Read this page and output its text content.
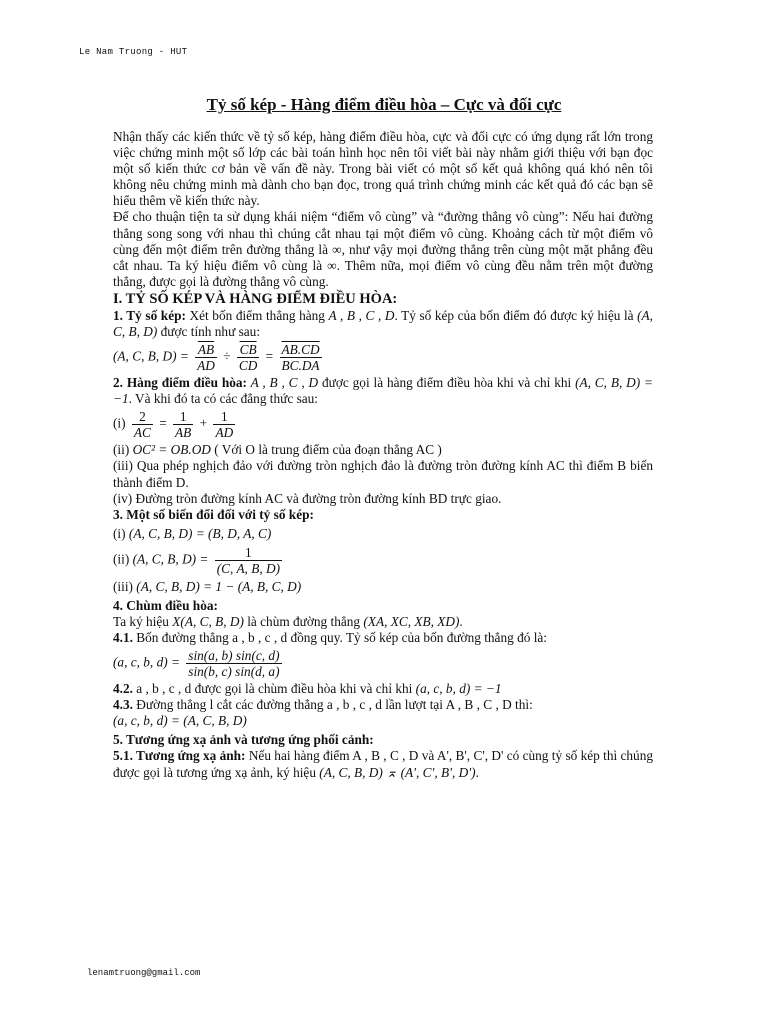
Le Nam Truong - HUT
Tỷ số kép - Hàng điểm điều hòa – Cực và đối cực

Nhận thấy các kiến thức về tỷ số kép, hàng điểm điều hòa, cực và đối cực có ứng dụng rất lớn trong việc chứng minh một số lớp các bài toán hình học nên tôi viết bài này nhằm giới thiệu với bạn đọc một số kiến thức cơ bản về vấn đề này. Trong bài viết có một số kết quả không quá khó nên tôi không nêu chứng minh mà dành cho bạn đọc, trong quá trình chứng minh các kết quả đó các bạn sẽ hiểu thêm về kiến thức này.

Để cho thuận tiện ta sử dụng khái niệm “điểm vô cùng” và “đường thẳng vô cùng”: Nếu hai đường thẳng song song với nhau thì chúng cắt nhau tại một điểm vô cùng. Khoảng cách từ một điểm vô cùng đến một điểm trên đường thẳng là ∞, như vậy mọi đường thẳng trên cùng một mặt phẳng đều cắt nhau. Ta ký hiệu điểm vô cùng là ∞. Thêm nữa, mọi điểm vô cùng đều nằm trên một đường thẳng, được gọi là đường thẳng vô cùng.

I. TỶ SỐ KÉP VÀ HÀNG ĐIỂM ĐIỀU HÒA:

1. Tỷ số kép: Xét bốn điểm thẳng hàng A , B , C , D. Tỷ số kép của bốn điểm đó được ký hiệu là (A, C, B, D) được tính như sau:

(A, C, B, $D) = \frac{\overline{AB}}{AD} \div \frac{\overline{CB}}{CD} = \frac{AB.CD}{BC.DA}$

2. Hàng điểm điều hòa: A , B , C , D được gọi là hàng điểm điều hòa khi và chỉ khi (A, C, B, D) = −1. Và khi đó ta có các đẳng thức sau:

$(i) \frac{2}{AC} = \frac{1}{AB} + \frac{1}{AD}$

(ii) OC² = OB.OD ( Với O là trung điểm của đoạn thẳng AC )

(iii) Qua phép nghịch đảo với đường tròn nghịch đảo là đường tròn đường kính AC thì điểm B biến thành điểm D.

(iv) Đường tròn đường kính AC và đường tròn đường kính BD trực giao.

3. Một số biến đổi đối với tỷ số kép:

(i) (A, C, B, D) = (B, D, A, C)
(ii) (A, C, B, $D) = \frac{1}{(C, A, B, D)}$
(iii) (A, C, B, D) = 1 − (A, B, C, D)

4. Chùm điều hòa:

Ta ký hiệu X(A, C, B, D) là chùm đường thẳng (XA, XC, XB, XD).

4.1. Bốn đường thẳng a , b , c , d đồng quy. Tỷ số kép của bốn đường thẳng đó là:

(a, c, b, $d) = \frac{\sin(a, b) \sin(c, d)}{\sin(b, c) \sin(d, a)}$

4.2. a , b , c , d được gọi là chùm điều hòa khi và chỉ khi (a, c, b, d) = −1

4.3. Đường thẳng l cắt các đường thẳng a , b , c , d lần lượt tại A , B , C , D thì:

(a, c, b, d) = (A, C, B, D)

5. Tương ứng xạ ảnh và tương ứng phối cảnh:

5.1. Tương ứng xạ ảnh: Nếu hai hàng điểm A , B , C , D và A', B', C', D' có cùng tỷ số kép thì chúng được gọi là tương ứng xạ ảnh, ký hiệu (A, C, B, D) ⌅ (A', C', B', D').

lenamtruong@gmail.com
